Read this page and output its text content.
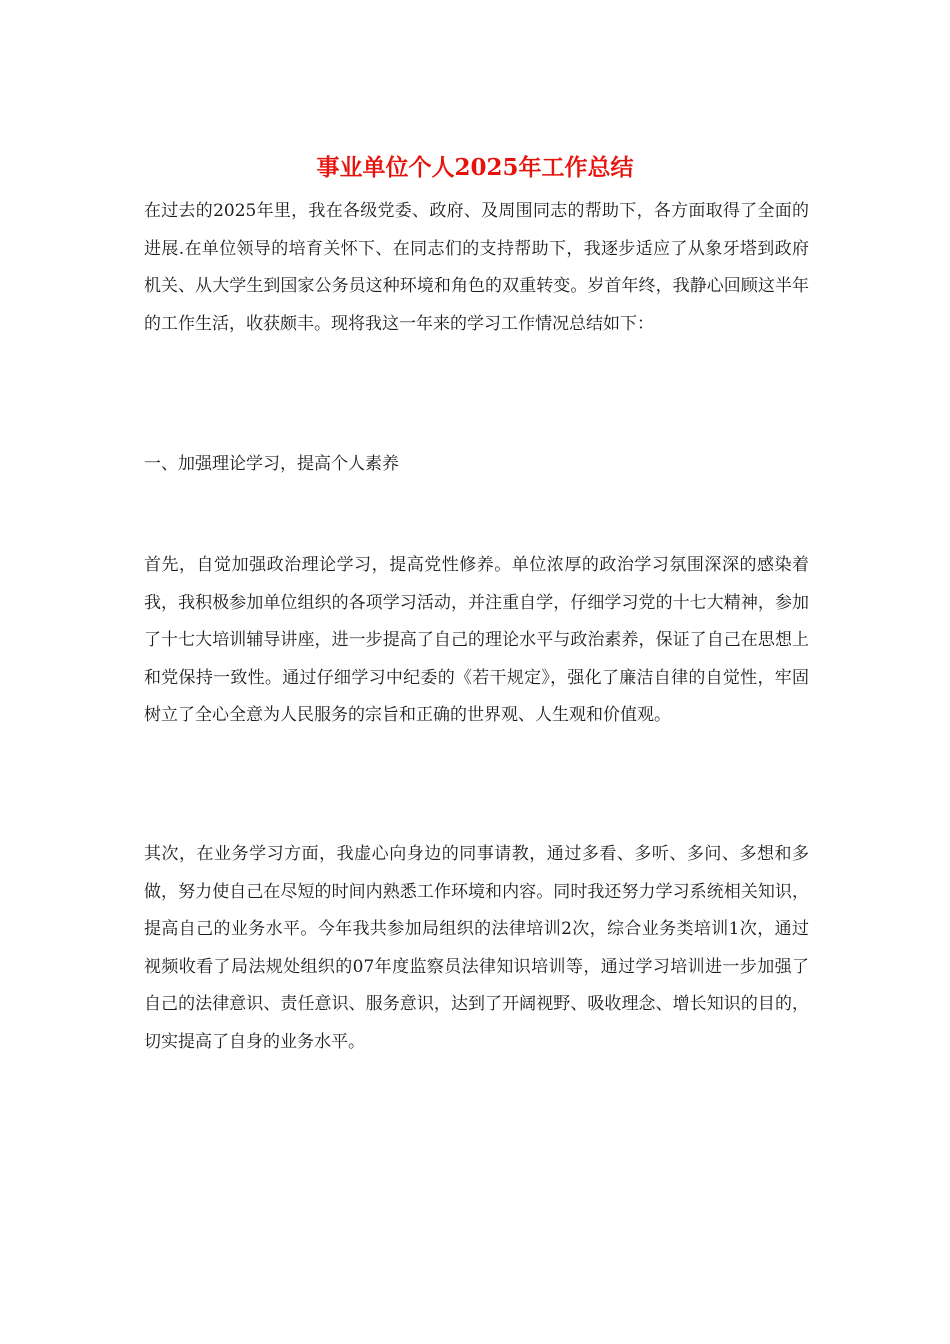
事业单位个人2025年工作总结

在过去的2025年里，我在各级党委、政府、及周围同志的帮助下，各方面取得了全面的进展.在单位领导的培育关怀下、在同志们的支持帮助下，我逐步适应了从象牙塔到政府机关、从大学生到国家公务员这种环境和角色的双重转变。岁首年终，我静心回顾这半年的工作生活，收获颇丰。现将我这一年来的学习工作情况总结如下：

一、加强理论学习，提高个人素养

首先，自觉加强政治理论学习，提高党性修养。单位浓厚的政治学习氛围深深的感染着我，我积极参加单位组织的各项学习活动，并注重自学，仔细学习党的十七大精神，参加了十七大培训辅导讲座，进一步提高了自己的理论水平与政治素养，保证了自己在思想上和党保持一致性。通过仔细学习中纪委的《若干规定》，强化了廉洁自律的自觉性，牢固树立了全心全意为人民服务的宗旨和正确的世界观、人生观和价值观。

其次，在业务学习方面，我虚心向身边的同事请教，通过多看、多听、多问、多想和多做，努力使自己在尽短的时间内熟悉工作环境和内容。同时我还努力学习系统相关知识，提高自己的业务水平。今年我共参加局组织的法律培训2次，综合业务类培训1次，通过视频收看了局法规处组织的07年度监察员法律知识培训等，通过学习培训进一步加强了自己的法律意识、责任意识、服务意识，达到了开阔视野、吸收理念、增长知识的目的，切实提高了自身的业务水平。
